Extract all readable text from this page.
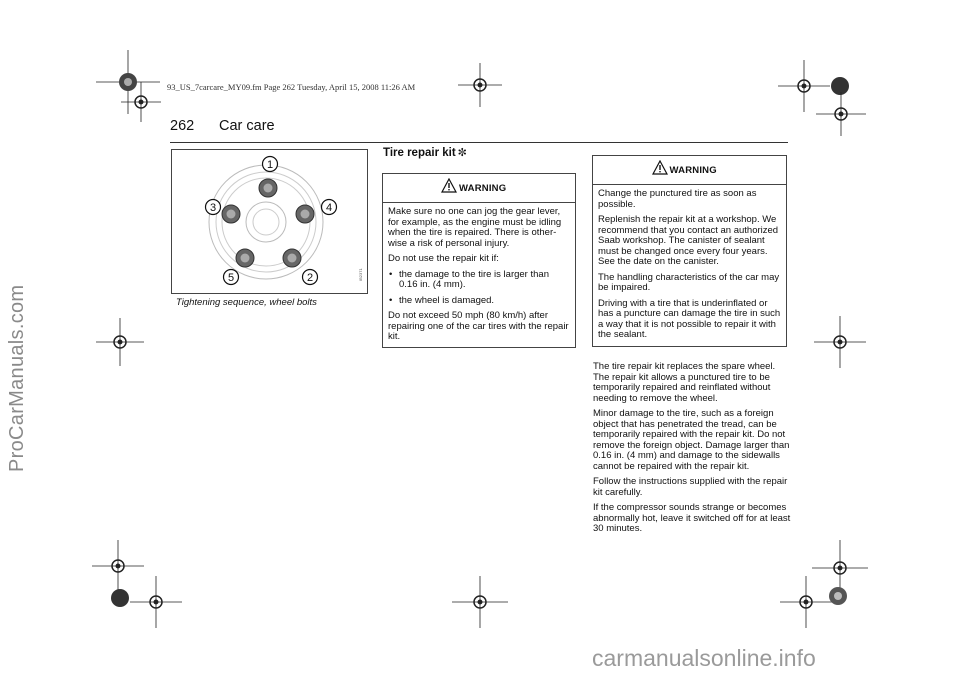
93_US_7carcare_MY09.fm Page 262 Tuesday, April 15, 2008 11:26 AM
262 Car care
1
2
3	4
5	IB2371
Tightening sequence, wheel bolts
Tire repair kit ✼
WARNING

Make sure no one can jog the gear lever, for example, as the engine must be idling when the tire is repaired. There is other-wise a risk of personal injury.

Do not use the repair kit if:

• the damage to the tire is larger than 0.16 in. (4 mm).

• the wheel is damaged.

Do not exceed 50 mph (80 km/h) after repairing one of the car tires with the repair kit.

WARNING

Change the punctured tire as soon as possible.

Replenish the repair kit at a workshop. We recommend that you contact an authorized Saab workshop. The canister of sealant must be changed once every four years. See the date on the canister.

The handling characteristics of the car may be impaired.

Driving with a tire that is underinflated or has a puncture can damage the tire in such a way that it is not possible to repair it with the sealant.

The tire repair kit replaces the spare wheel. The repair kit allows a punctured tire to be temporarily repaired and reinflated without needing to remove the wheel.

Minor damage to the tire, such as a foreign object that has penetrated the tread, can be temporarily repaired with the repair kit. Do not remove the foreign object. Damage larger than 0.16 in. (4 mm) and damage to the sidewalls cannot be repaired with the repair kit.

Follow the instructions supplied with the repair kit carefully.

If the compressor sounds strange or becomes abnormally hot, leave it switched off for at least 30 minutes.

ProCarManuals.com
carmanualsonline.info
